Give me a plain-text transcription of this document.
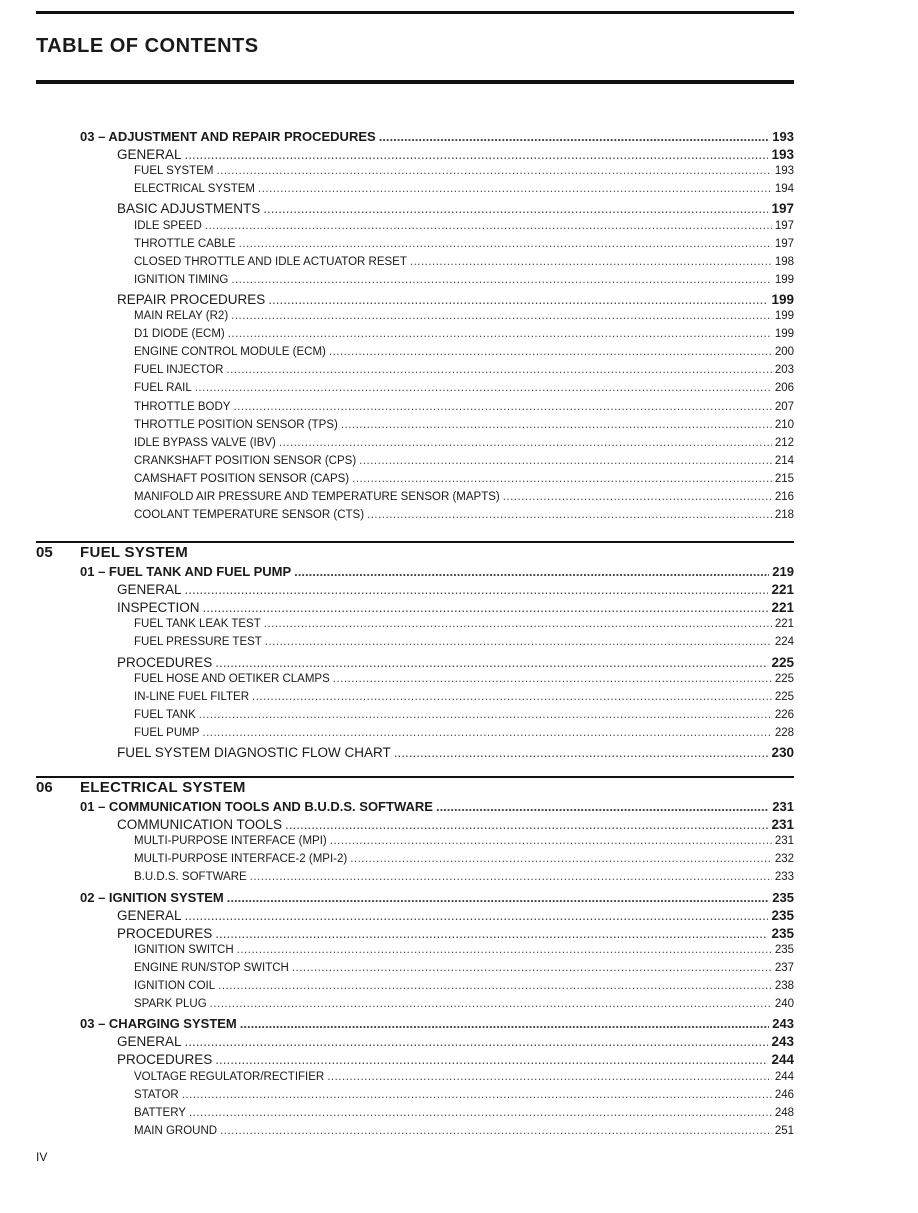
TABLE OF CONTENTS
03 – ADJUSTMENT AND REPAIR PROCEDURES .....	193
GENERAL .....	193
FUEL SYSTEM .....	193
ELECTRICAL SYSTEM .....	194
BASIC ADJUSTMENTS .....	197
IDLE SPEED .....	197
THROTTLE CABLE .....	197
CLOSED THROTTLE AND IDLE ACTUATOR RESET .....	198
IGNITION TIMING .....	199
REPAIR PROCEDURES .....	199
MAIN RELAY (R2) .....	199
D1 DIODE (ECM) .....	199
ENGINE CONTROL MODULE (ECM) .....	200
FUEL INJECTOR .....	203
FUEL RAIL .....	206
THROTTLE BODY .....	207
THROTTLE POSITION SENSOR (TPS) .....	210
IDLE BYPASS VALVE (IBV) .....	212
CRANKSHAFT POSITION SENSOR (CPS) .....	214
CAMSHAFT POSITION SENSOR (CAPS) .....	215
MANIFOLD AIR PRESSURE AND TEMPERATURE SENSOR (MAPTS) .....	216
COOLANT TEMPERATURE SENSOR (CTS) .....	218
05 FUEL SYSTEM
01 – FUEL TANK AND FUEL PUMP .....	219
GENERAL .....	221
INSPECTION .....	221
FUEL TANK LEAK TEST .....	221
FUEL PRESSURE TEST .....	224
PROCEDURES .....	225
FUEL HOSE AND OETIKER CLAMPS .....	225
IN-LINE FUEL FILTER .....	225
FUEL TANK .....	226
FUEL PUMP .....	228
FUEL SYSTEM DIAGNOSTIC FLOW CHART .....	230
06 ELECTRICAL SYSTEM
01 – COMMUNICATION TOOLS AND B.U.D.S. SOFTWARE .....	231
COMMUNICATION TOOLS .....	231
MULTI-PURPOSE INTERFACE (MPI) .....	231
MULTI-PURPOSE INTERFACE-2 (MPI-2) .....	232
B.U.D.S. SOFTWARE .....	233
02 – IGNITION SYSTEM .....	235
GENERAL .....	235
PROCEDURES .....	235
IGNITION SWITCH .....	235
ENGINE RUN/STOP SWITCH .....	237
IGNITION COIL .....	238
SPARK PLUG .....	240
03 – CHARGING SYSTEM .....	243
GENERAL .....	243
PROCEDURES .....	244
VOLTAGE REGULATOR/RECTIFIER .....	244
STATOR .....	246
BATTERY .....	248
MAIN GROUND .....	251
IV
